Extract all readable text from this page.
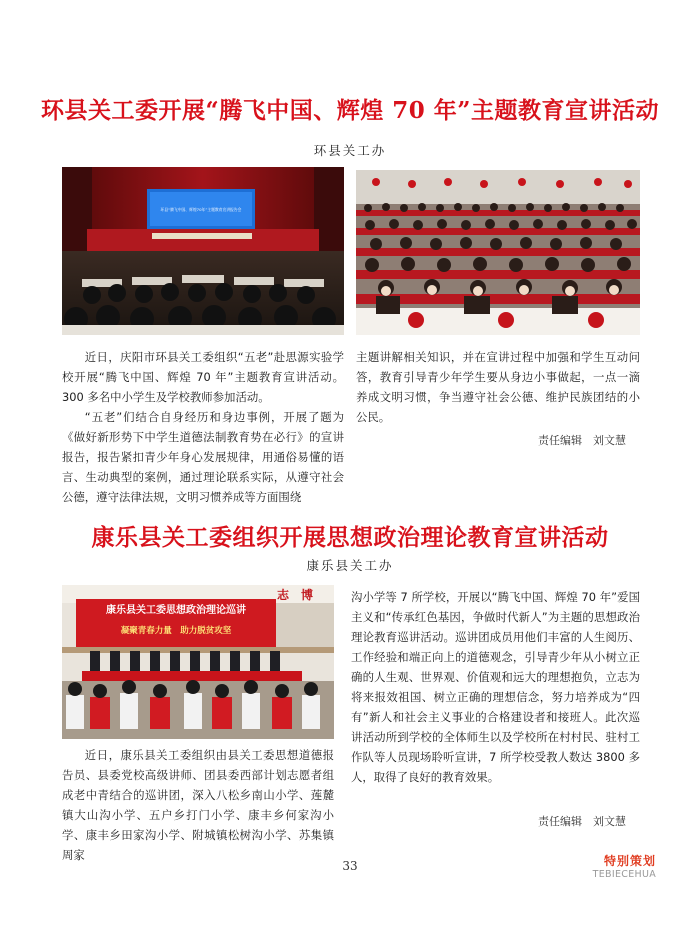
环县关工委开展“腾飞中国、辉煌 70 年”主题教育宣讲活动
环县关工办
环县“腾飞中国、辉煌70年”主题教育宣讲报告会

近日，庆阳市环县关工委组织“五老”赴思源实验学校开展“腾飞中国、辉煌 70 年”主题教育宣讲活动。300 多名中小学生及学校教师参加活动。

“五老”们结合自身经历和身边事例，开展了题为《做好新形势下中学生道德法制教育势在必行》的宣讲报告，报告紧扣青少年身心发展规律，用通俗易懂的语言、生动典型的案例，通过理论联系实际，从遵守社会公德，遵守法律法规，文明习惯养成等方面围绕

主题讲解相关知识，并在宣讲过程中加强和学生互动问答，教育引导青少年学生要从身边小事做起，一点一滴养成文明习惯，争当遵守社会公德、维护民族团结的小公民。

责任编辑　刘文慧
康乐县关工委组织开展思想政治理论教育宣讲活动
康乐县关工办
志　博
康乐县关工委思想政治理论巡讲
凝聚青春力量　助力脱贫攻坚

近日，康乐县关工委组织由县关工委思想道德报告员、县委党校高级讲师、团县委西部计划志愿者组成老中青结合的巡讲团，深入八松乡南山小学、莲麓镇大山沟小学、五户乡打门小学、康丰乡何家沟小学、康丰乡田家沟小学、附城镇松树沟小学、苏集镇周家

沟小学等 7 所学校，开展以“腾飞中国、辉煌 70 年”爱国主义和“传承红色基因，争做时代新人”为主题的思想政治理论教育巡讲活动。巡讲团成员用他们丰富的人生阅历、工作经验和端正向上的道德观念，引导青少年从小树立正确的人生观、世界观、价值观和远大的理想抱负，立志为将来报效祖国、树立正确的理想信念，努力培养成为“四有”新人和社会主义事业的合格建设者和接班人。此次巡讲活动所到学校的全体师生以及学校所在村村民、驻村工作队等人员现场聆听宣讲，7 所学校受教人数达 3800 多人，取得了良好的教育效果。

责任编辑　刘文慧
33	特别策划
TEBIECEHUA
